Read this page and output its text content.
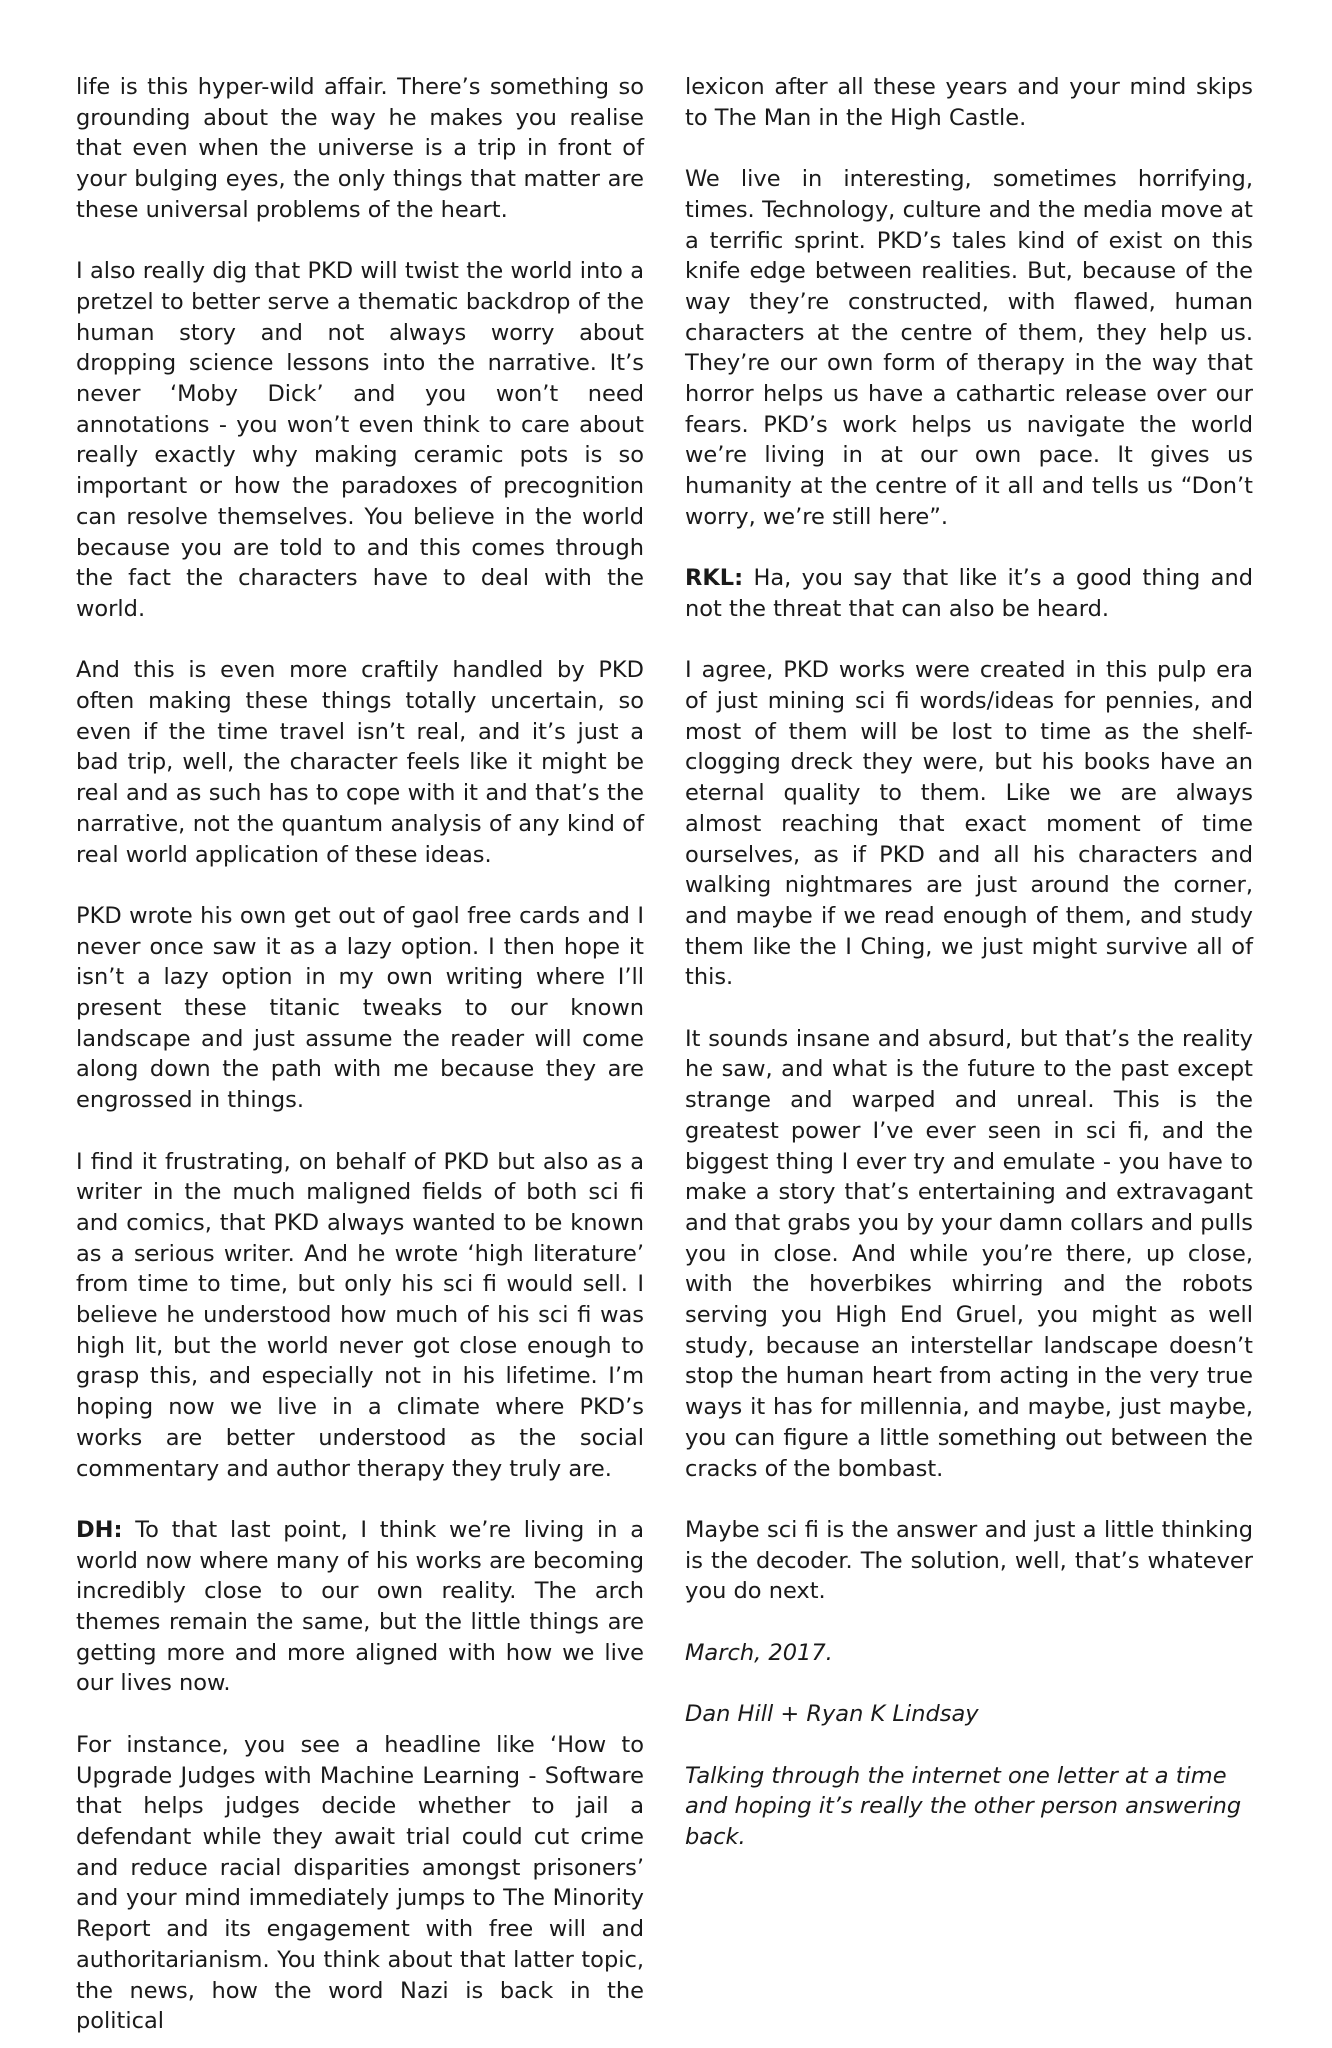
life is this hyper-wild affair. There’s something so grounding about the way he makes you realise that even when the universe is a trip in front of your bulging eyes, the only things that matter are these universal problems of the heart.

I also really dig that PKD will twist the world into a pretzel to better serve a thematic backdrop of the human story and not always worry about dropping science lessons into the narrative. It’s never ‘Moby Dick’ and you won’t need annotations - you won’t even think to care about really exactly why making ceramic pots is so important or how the paradoxes of precognition can resolve themselves. You believe in the world because you are told to and this comes through the fact the characters have to deal with the world.

And this is even more craftily handled by PKD often making these things totally uncertain, so even if the time travel isn’t real, and it’s just a bad trip, well, the character feels like it might be real and as such has to cope with it and that’s the narrative, not the quantum analysis of any kind of real world application of these ideas.

PKD wrote his own get out of gaol free cards and I never once saw it as a lazy option. I then hope it isn’t a lazy option in my own writing where I’ll present these titanic tweaks to our known landscape and just assume the reader will come along down the path with me because they are engrossed in things.

I find it frustrating, on behalf of PKD but also as a writer in the much maligned fields of both sci fi and comics, that PKD always wanted to be known as a serious writer. And he wrote ‘high literature’ from time to time, but only his sci fi would sell. I believe he understood how much of his sci fi was high lit, but the world never got close enough to grasp this, and especially not in his lifetime. I’m hoping now we live in a climate where PKD’s works are better understood as the social commentary and author therapy they truly are.

DH: To that last point, I think we’re living in a world now where many of his works are becoming incredibly close to our own reality. The arch themes remain the same, but the little things are getting more and more aligned with how we live our lives now.

For instance, you see a headline like ‘How to Upgrade Judges with Machine Learning - Software that helps judges decide whether to jail a defendant while they await trial could cut crime and reduce racial disparities amongst prisoners’ and your mind immediately jumps to The Minority Report and its engagement with free will and authoritarianism. You think about that latter topic, the news, how the word Nazi is back in the political

lexicon after all these years and your mind skips to The Man in the High Castle.

We live in interesting, sometimes horrifying, times. Technology, culture and the media move at a terrific sprint. PKD’s tales kind of exist on this knife edge between realities. But, because of the way they’re constructed, with flawed, human characters at the centre of them, they help us. They’re our own form of therapy in the way that horror helps us have a cathartic release over our fears. PKD’s work helps us navigate the world we’re living in at our own pace. It gives us humanity at the centre of it all and tells us “Don’t worry, we’re still here”.

RKL: Ha, you say that like it’s a good thing and not the threat that can also be heard.

I agree, PKD works were created in this pulp era of just mining sci fi words/ideas for pennies, and most of them will be lost to time as the shelf-clogging dreck they were, but his books have an eternal quality to them. Like we are always almost reaching that exact moment of time ourselves, as if PKD and all his characters and walking nightmares are just around the corner, and maybe if we read enough of them, and study them like the I Ching, we just might survive all of this.

It sounds insane and absurd, but that’s the reality he saw, and what is the future to the past except strange and warped and unreal. This is the greatest power I’ve ever seen in sci fi, and the biggest thing I ever try and emulate - you have to make a story that’s entertaining and extravagant and that grabs you by your damn collars and pulls you in close. And while you’re there, up close, with the hoverbikes whirring and the robots serving you High End Gruel, you might as well study, because an interstellar landscape doesn’t stop the human heart from acting in the very true ways it has for millennia, and maybe, just maybe, you can figure a little something out between the cracks of the bombast.

Maybe sci fi is the answer and just a little thinking is the decoder. The solution, well, that’s whatever you do next.

March, 2017.

Dan Hill + Ryan K Lindsay

Talking through the internet one letter at a time and hoping it’s really the other person answering back.
